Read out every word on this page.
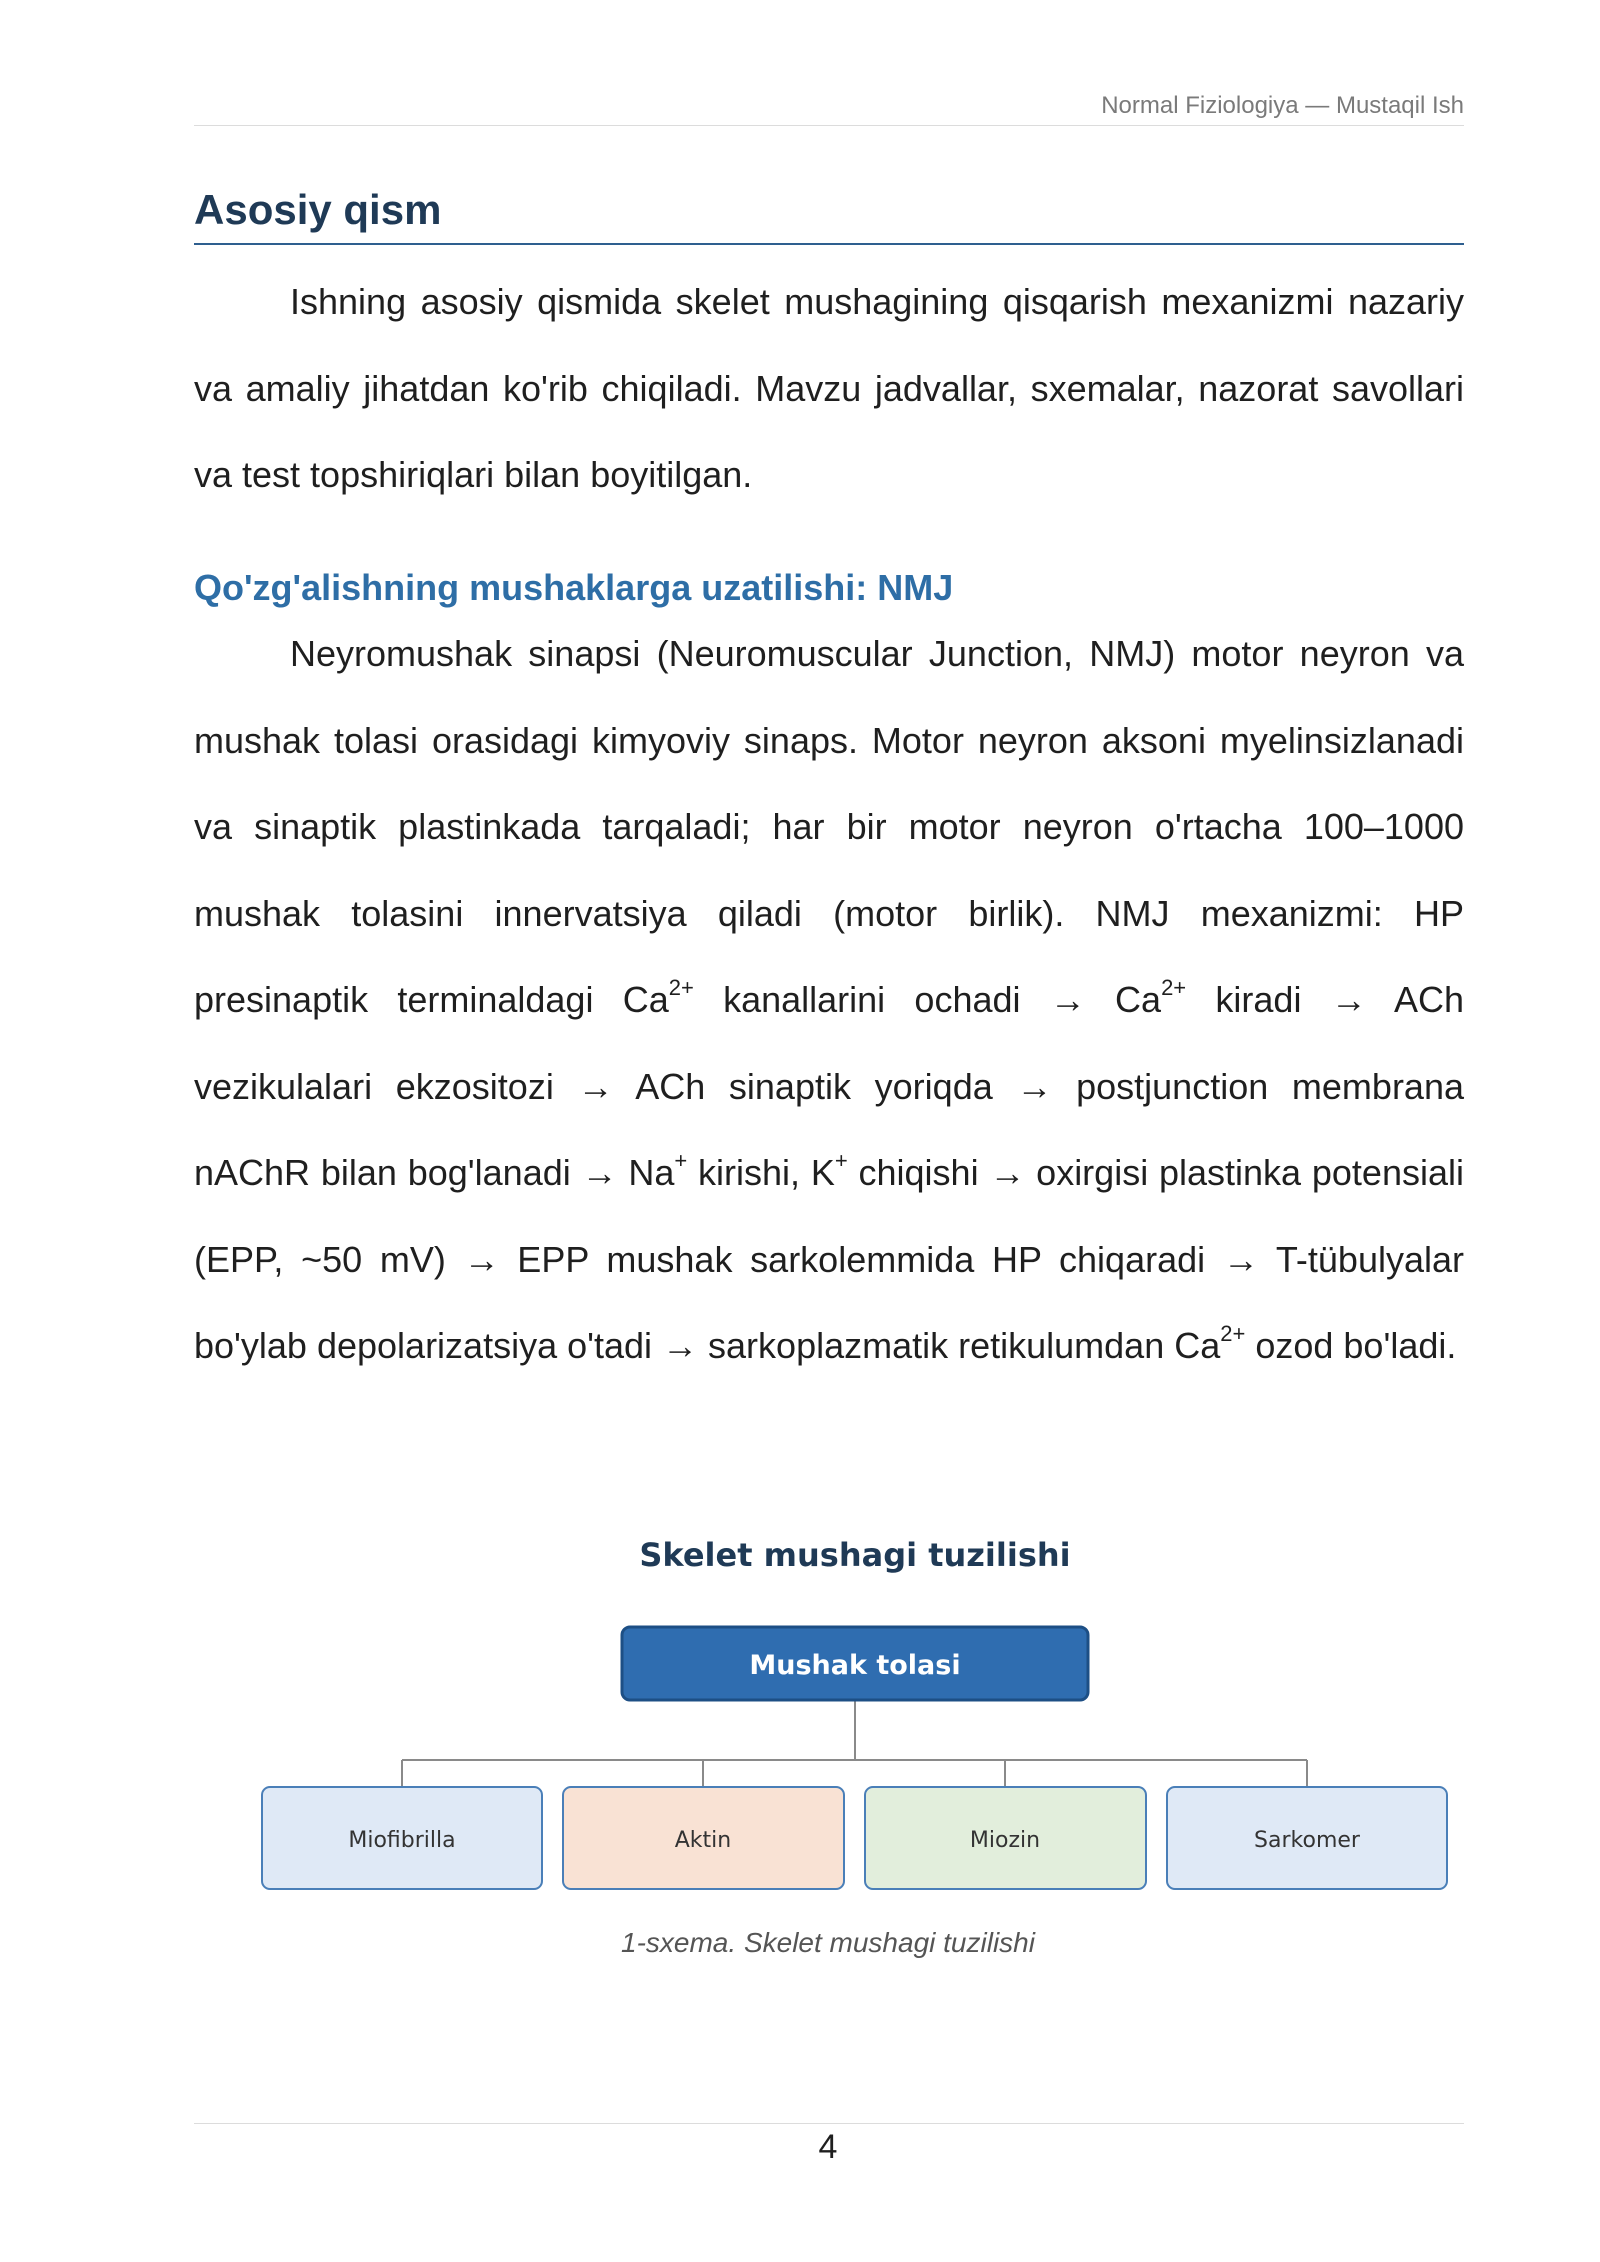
Normal Fiziologiya — Mustaqil Ish
Asosiy qism

Ishning asosiy qismida skelet mushagining qisqarish mexanizmi nazariy va amaliy jihatdan ko'rib chiqiladi. Mavzu jadvallar, sxemalar, nazorat savollari va test topshiriqlari bilan boyitilgan.

Qo'zg'alishning mushaklarga uzatilishi: NMJ

Neyromushak sinapsi (Neuromuscular Junction, NMJ) motor neyron va mushak tolasi orasidagi kimyoviy sinaps. Motor neyron aksoni myelinsizlanadi va sinaptik plastinkada tarqaladi; har bir motor neyron o'rtacha 100–1000 mushak tolasini innervatsiya qiladi (motor birlik). NMJ mexanizmi: HP presinaptik terminaldagi $Ca^{2+}$ kanallarini ochadi → $Ca^{2+}$ kiradi → ACh vezikulalari ekzositozi → ACh sinaptik yoriqda → postjunction membrana nAChR bilan bog'lanadi → Na+ kirishi, K+ chiqishi → oxirgisi plastinka potensiali (EPP, ~50 mV) → EPP mushak sarkolemmida HP chiqaradi → T-tübulyalar bo'ylab depolarizatsiya o'tadi → sarkoplazmatik retikulumdan $Ca^{2+}$ ozod bo'ladi.

Skelet mushagi tuzilishi
Mushak tolasi
Miofibrilla	Aktin	Miozin	Sarkomer
1-sxema. Skelet mushagi tuzilishi
4
